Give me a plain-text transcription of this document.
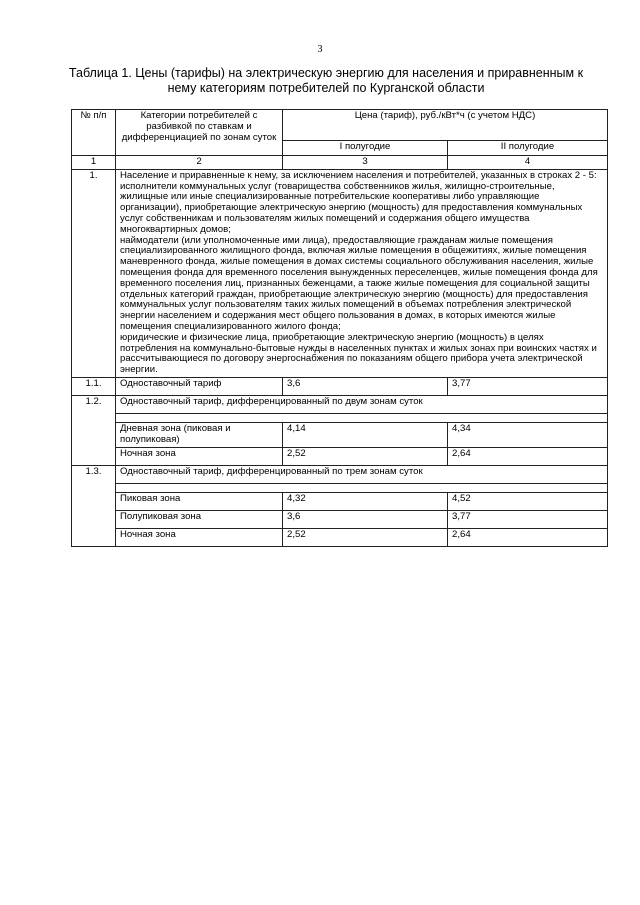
3
Таблица 1. Цены (тарифы) на электрическую энергию для населения и приравненным к нему категориям потребителей по Курганской области
№ п/п	Категории потребителей с разбивкой по ставкам и дифференциацией по зонам суток	Цена (тариф), руб./кВт*ч (с учетом НДС)	
		I полугодие	II полугодие
1	2	3	4
1.	Население и приравненные к нему, за исключением населения и потребителей, указанных в строках 2 - 5:
исполнители коммунальных услуг (товарищества собственников жилья, жилищно-строительные, жилищные или иные специализированные потребительские кооперативы либо управляющие организации), приобретающие электрическую энергию (мощность) для предоставления коммунальных услуг собственникам и пользователям жилых помещений и содержания общего имущества многоквартирных домов;
наймодатели (или уполномоченные ими лица), предоставляющие гражданам жилые помещения специализированного жилищного фонда, включая жилые помещения в общежитиях, жилые помещения маневренного фонда, жилые помещения в домах системы социального обслуживания населения, жилые помещения фонда для временного поселения вынужденных переселенцев, жилые помещения фонда для временного поселения лиц, признанных беженцами, а также жилые помещения для социальной защиты отдельных категорий граждан, приобретающие электрическую энергию (мощность) для предоставления коммунальных услуг пользователям таких жилых помещений в объемах потребления электрической энергии населением и содержания мест общего пользования в домах, в которых имеются жилые помещения специализированного жилого фонда;
юридические и физические лица, приобретающие электрическую энергию (мощность) в целях потребления на коммунально-бытовые нужды в населенных пунктах и жилых зонах при воинских частях и рассчитывающиеся по договору энергоснабжения по показаниям общего прибора учета электрической энергии.		

1.1.	Одноставочный тариф	3,6	3,77
1.2.	Одноставочный тариф, дифференцированный по двум зонам суток		

	Дневная зона (пиковая и полупиковая)	4,14	4,34
	Ночная зона	2,52	2,64
1.3.	Одноставочный тариф, дифференцированный по трем зонам суток		

	Пиковая зона	4,32	4,52
	Полупиковая зона	3,6	3,77
	Ночная зона	2,52	2,64
